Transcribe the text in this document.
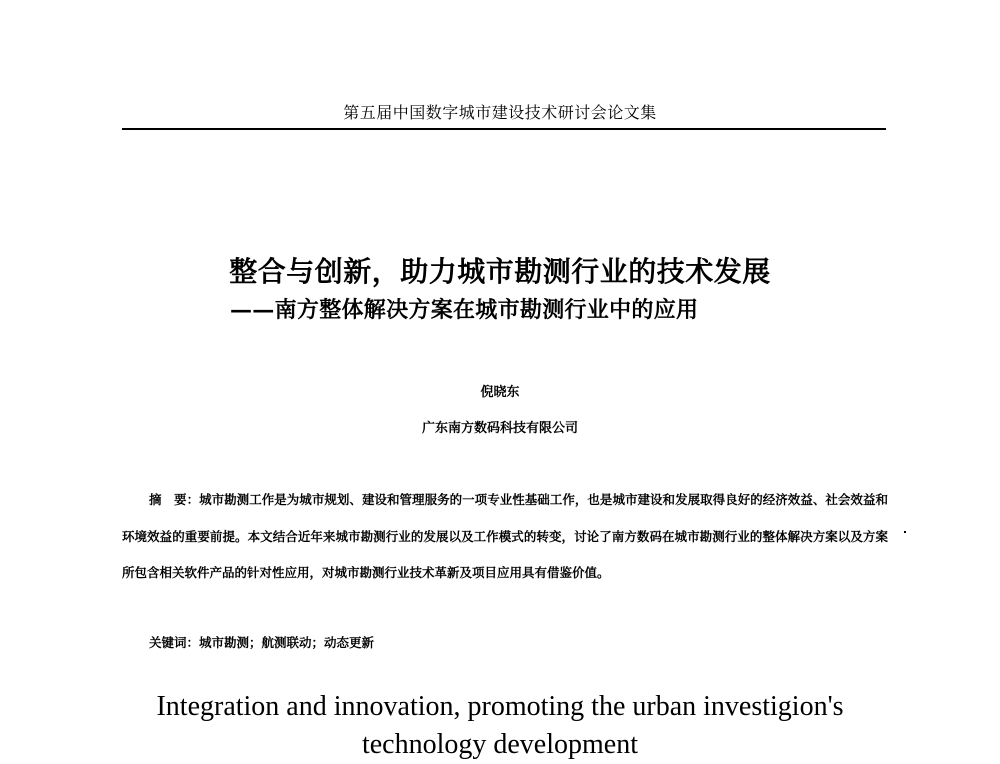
第五届中国数字城市建设技术研讨会论文集
整合与创新，助力城市勘测行业的技术发展
——南方整体解决方案在城市勘测行业中的应用
倪晓东
广东南方数码科技有限公司

摘　要：城市勘测工作是为城市规划、建设和管理服务的一项专业性基础工作，也是城市建设和发展取得良好的经济效益、社会效益和环境效益的重要前提。本文结合近年来城市勘测行业的发展以及工作模式的转变，讨论了南方数码在城市勘测行业的整体解决方案以及方案所包含相关软件产品的针对性应用，对城市勘测行业技术革新及项目应用具有借鉴价值。

关键词：城市勘测；航测联动；动态更新
Integration and innovation, promoting the urban investigion's
technology development
